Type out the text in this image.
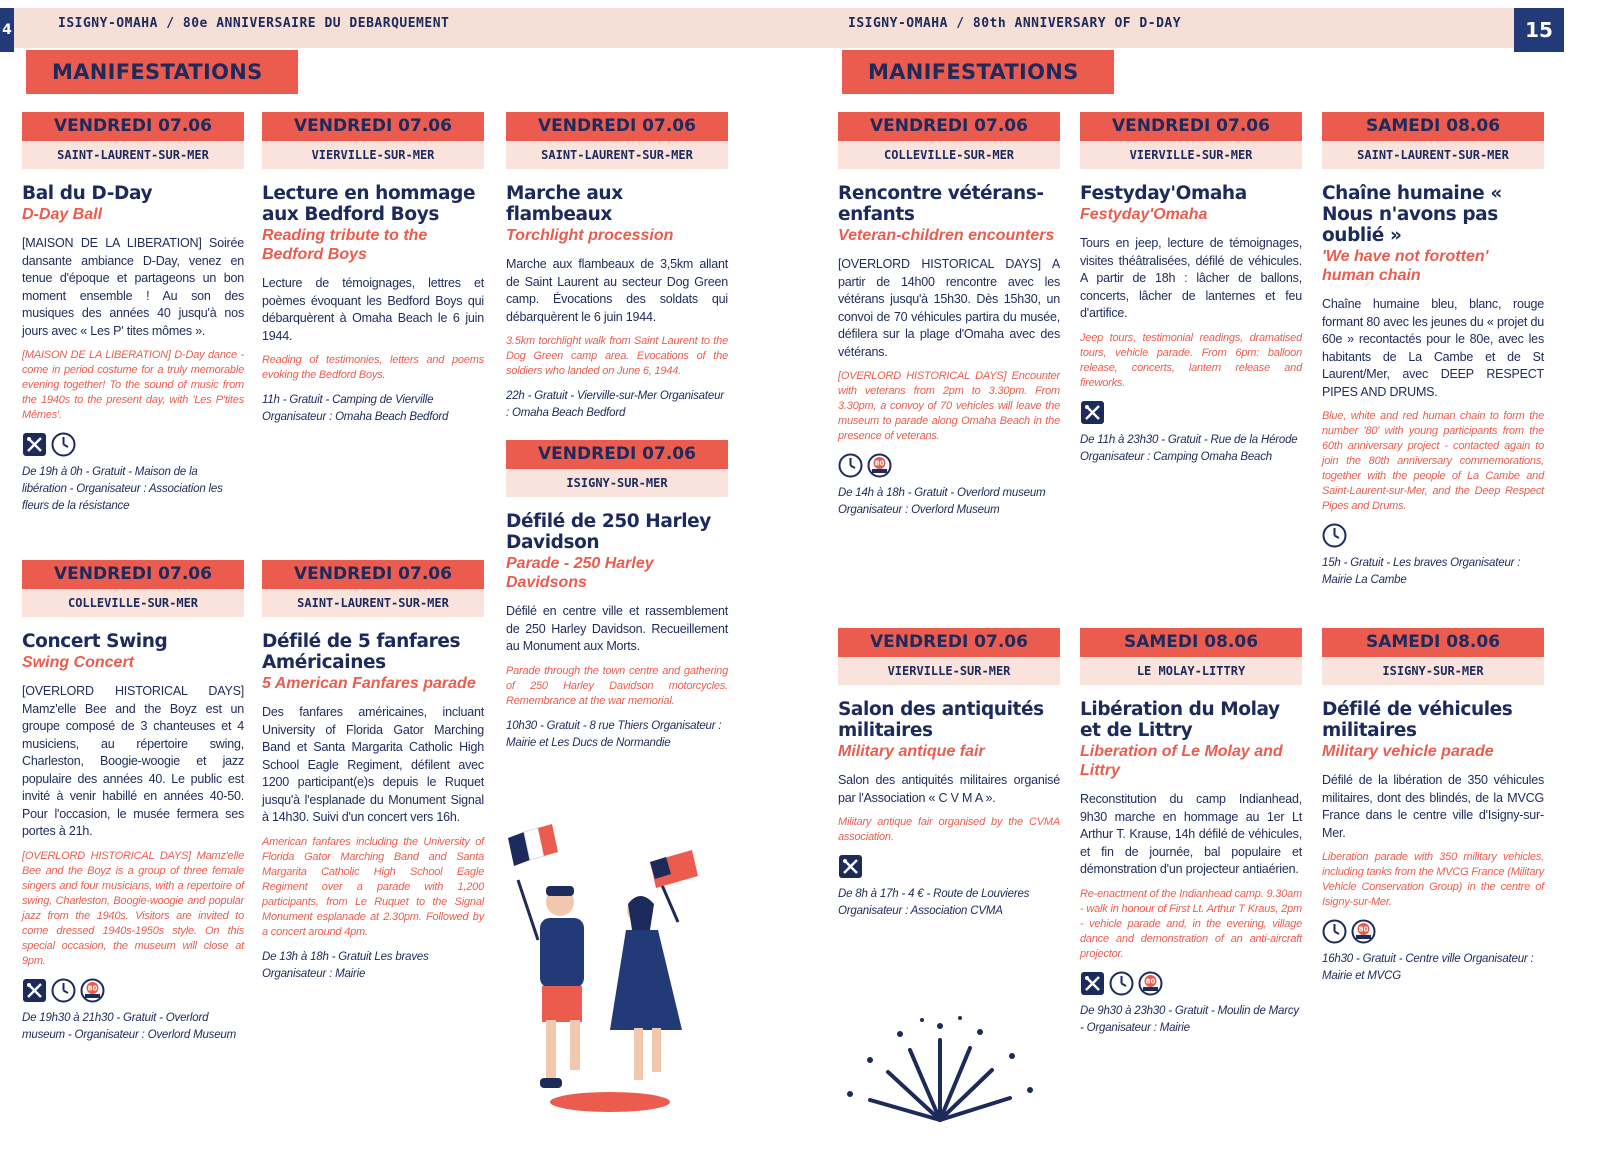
4	15
ISIGNY-OMAHA / 80e ANNIVERSAIRE DU DEBARQUEMENT	ISIGNY-OMAHA / 80th ANNIVERSARY OF D-DAY
MANIFESTATIONS	MANIFESTATIONS
VENDREDI 07.06
SAINT-LAURENT-SUR-MER
Bal du D-Day
D-Day Ball
[MAISON DE LA LIBERATION] Soirée dansante ambiance D-Day, venez en tenue d'époque et partageons un bon moment ensemble ! Au son des musiques des années 40 jusqu'à nos jours avec « Les P' tites mômes ».
[MAISON DE LA LIBERATION] D-Day dance - come in period costume for a truly memorable evening together! To the sound of music from the 1940s to the present day, with 'Les P'tites Mêmes'.
De 19h à 0h - Gratuit - Maison de la libération - Organisateur : Association les fleurs de la résistance
VENDREDI 07.06
VIERVILLE-SUR-MER
Lecture en hommage aux Bedford Boys
Reading tribute to the Bedford Boys
Lecture de témoignages, lettres et poèmes évoquant les Bedford Boys qui débarquèrent à Omaha Beach le 6 juin 1944.
Reading of testimonies, letters and poems evoking the Bedford Boys.
11h - Gratuit - Camping de Vierville Organisateur : Omaha Beach Bedford
VENDREDI 07.06
SAINT-LAURENT-SUR-MER
Marche aux flambeaux
Torchlight procession
Marche aux flambeaux de 3,5km allant de Saint Laurent au secteur Dog Green camp. Évocations des soldats qui débarquèrent le 6 juin 1944.
3.5km torchlight walk from Saint Laurent to the Dog Green camp area. Evocations of the soldiers who landed on June 6, 1944.
22h - Gratuit - Vierville-sur-Mer Organisateur : Omaha Beach Bedford
VENDREDI 07.06
ISIGNY-SUR-MER
Défilé de 250 Harley Davidson
Parade - 250 Harley Davidsons
Défilé en centre ville et rassemblement de 250 Harley Davidson. Recueillement au Monument aux Morts.
Parade through the town centre and gathering of 250 Harley Davidson motorcycles. Remembrance at the war memorial.
10h30 - Gratuit - 8 rue Thiers Organisateur : Mairie et Les Ducs de Normandie
VENDREDI 07.06
COLLEVILLE-SUR-MER
Concert Swing
Swing Concert
[OVERLORD HISTORICAL DAYS] Mamz'elle Bee and the Boyz est un groupe composé de 3 chanteuses et 4 musiciens, au répertoire swing, Charleston, Boogie-woogie et jazz populaire des années 40. Le public est invité à venir habillé en années 40-50. Pour l'occasion, le musée fermera ses portes à 21h.
[OVERLORD HISTORICAL DAYS] Mamz'elle Bee and the Boyz is a group of three female singers and four musicians, with a repertoire of swing, Charleston, Boogie-woogie and popular jazz from the 1940s. Visitors are invited to come dressed 1940s-1950s style. On this special occasion, the museum will close at 9pm.
80
De 19h30 à 21h30 - Gratuit - Overlord museum - Organisateur : Overlord Museum
VENDREDI 07.06
SAINT-LAURENT-SUR-MER
Défilé de 5 fanfares Américaines
5 American Fanfares parade
Des fanfares américaines, incluant University of Florida Gator Marching Band et Santa Margarita Catholic High School Eagle Regiment, défilent avec 1200 participant(e)s depuis le Ruquet jusqu'à l'esplanade du Monument Signal à 14h30. Suivi d'un concert vers 16h.
American fanfares including the University of Florida Gator Marching Band and Santa Margarita Catholic High School Eagle Regiment over a parade with 1,200 participants, from Le Ruquet to the Signal Monument esplanade at 2.30pm. Followed by a concert around 4pm.
De 13h à 18h - Gratuit Les braves Organisateur : Mairie
VENDREDI 07.06
COLLEVILLE-SUR-MER
Rencontre vétérans-enfants
Veteran-children encounters
[OVERLORD HISTORICAL DAYS] A partir de 14h00 rencontre avec les vétérans jusqu'à 15h30. Dès 15h30, un convoi de 70 véhicules partira du musée, défilera sur la plage d'Omaha avec des vétérans.
[OVERLORD HISTORICAL DAYS] Encounter with veterans from 2pm to 3.30pm. From 3.30pm, a convoy of 70 vehicles will leave the museum to parade along Omaha Beach in the presence of veterans.
80
De 14h à 18h - Gratuit - Overlord museum Organisateur : Overlord Museum
VENDREDI 07.06
VIERVILLE-SUR-MER
Festyday'Omaha
Festyday'Omaha
Tours en jeep, lecture de témoignages, visites théâtralisées, défilé de véhicules. A partir de 18h : lâcher de ballons, concerts, lâcher de lanternes et feu d'artifice.
Jeep tours, testimonial readings, dramatised tours, vehicle parade. From 6pm: balloon release, concerts, lantern release and fireworks.
De 11h à 23h30 - Gratuit - Rue de la Hérode Organisateur : Camping Omaha Beach
SAMEDI 08.06
SAINT-LAURENT-SUR-MER
Chaîne humaine « Nous n'avons pas oublié »
'We have not forotten' human chain
Chaîne humaine bleu, blanc, rouge formant 80 avec les jeunes du « projet du 60e » recontactés pour le 80e, avec les habitants de La Cambe et de St Laurent/Mer, avec DEEP RESPECT PIPES AND DRUMS.
Blue, white and red human chain to form the number '80' with young participants from the 60th anniversary project - contacted again to join the 80th anniversary commemorations, together with the people of La Cambe and Saint-Laurent-sur-Mer, and the Deep Respect Pipes and Drums.
15h - Gratuit - Les braves Organisateur : Mairie La Cambe
VENDREDI 07.06
VIERVILLE-SUR-MER
Salon des antiquités militaires
Military antique fair
Salon des antiquités militaires organisé par l'Association « C V M A ».
Military antique fair organised by the CVMA association.
De 8h à 17h - 4 € - Route de Louvieres Organisateur : Association CVMA
SAMEDI 08.06
LE MOLAY-LITTRY
Libération du Molay et de Littry
Liberation of Le Molay and Littry
Reconstitution du camp Indianhead, 9h30 marche en hommage au 1er Lt Arthur T. Krause, 14h défilé de véhicules, et fin de journée, bal populaire et démonstration d'un projecteur antiaérien.
Re-enactment of the Indianhead camp. 9.30am - walk in honour of First Lt. Arthur T Kraus, 2pm - vehicle parade and, in the evening, village dance and demonstration of an anti-aircraft projector.
80
De 9h30 à 23h30 - Gratuit - Moulin de Marcy - Organisateur : Mairie
SAMEDI 08.06
ISIGNY-SUR-MER
Défilé de véhicules militaires
Military vehicle parade
Défilé de la libération de 350 véhicules militaires, dont des blindés, de la MVCG France dans le centre ville d'Isigny-sur-Mer.
Liberation parade with 350 military vehicles, including tanks from the MVCG France (Military Vehicle Conservation Group) in the centre of Isigny-sur-Mer.
80
16h30 - Gratuit - Centre ville Organisateur : Mairie et MVCG
